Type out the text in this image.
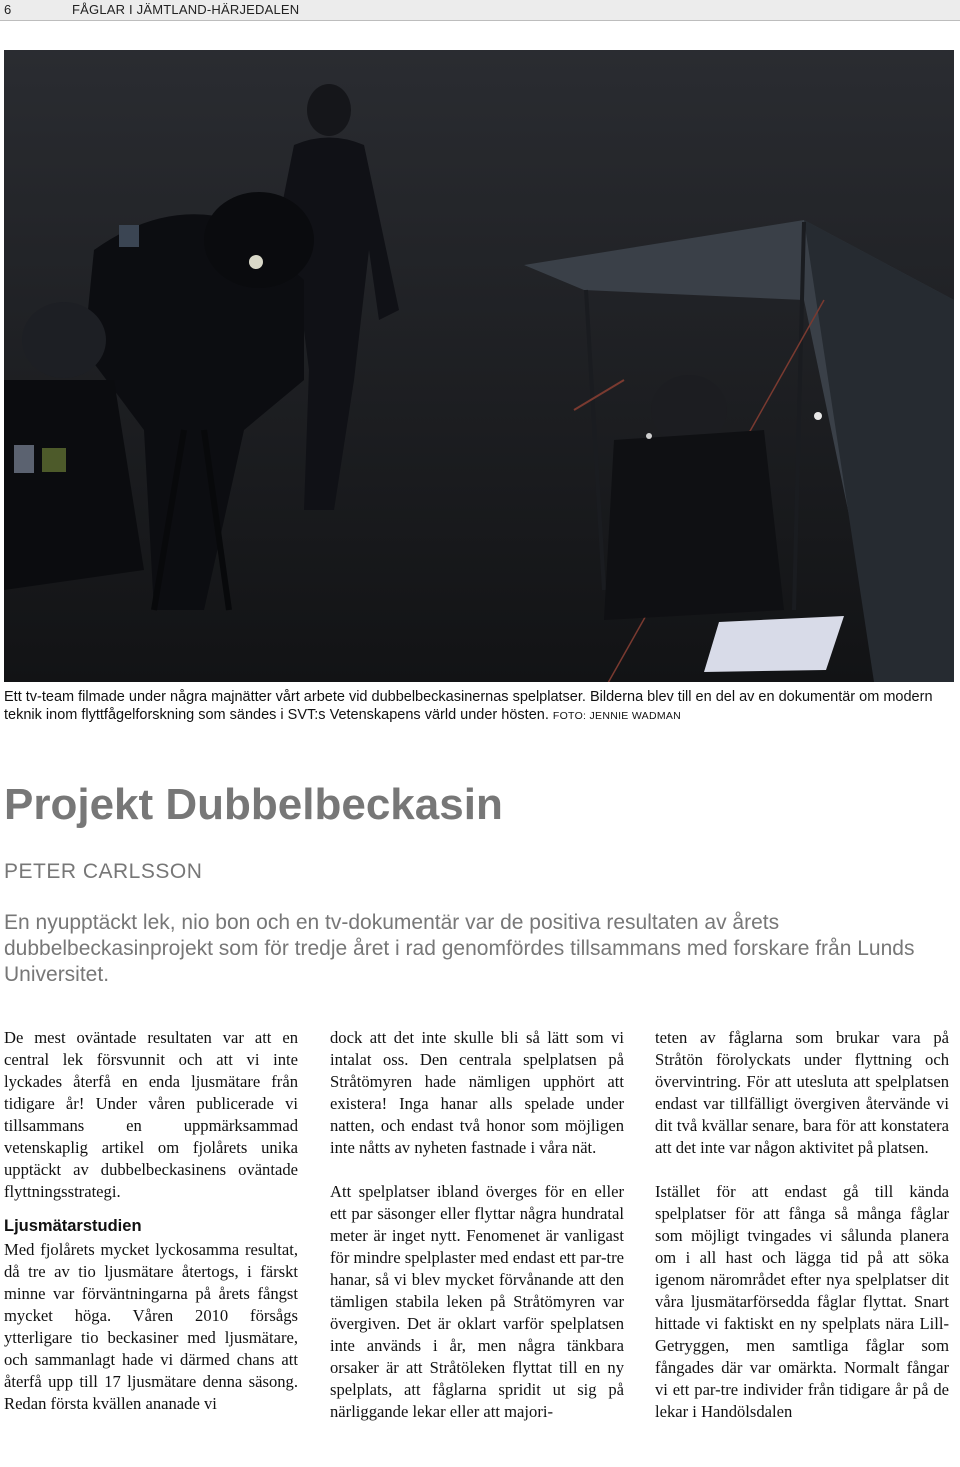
6	FÅGLAR I JÄMTLAND-HÄRJEDALEN
Ett tv-team filmade under några majnätter vårt arbete vid dubbelbeckasinernas spelplatser. Bilderna blev till en del av en dokumentär om modern teknik inom flyttfågelforskning som sändes i SVT:s Vetenskapens värld under hösten. FOTO: JENNIE WADMAN
Projekt Dubbelbeckasin
PETER CARLSSON

En nyupptäckt lek, nio bon och en tv-dokumentär var de positiva resultaten av årets dubbelbeckasinprojekt som för tredje året i rad genomfördes tillsammans med forskare från Lunds Universitet.

De mest oväntade resultaten var att en central lek försvunnit och att vi inte lyckades återfå en enda ljusmätare från tidigare år! Under våren publicerade vi tillsammans en uppmärksammad vetenskaplig artikel om fjolårets unika upptäckt av dubbelbeckasinens oväntade flyttningsstrategi.

Ljusmätarstudien

Med fjolårets mycket lyckosamma resultat, då tre av tio ljusmätare återtogs, i färskt minne var förväntningarna på årets fångst mycket höga. Våren 2010 försågs ytterligare tio beckasiner med ljusmätare, och sammanlagt hade vi därmed chans att återfå upp till 17 ljusmätare denna säsong. Redan första kvällen ananade vi

dock att det inte skulle bli så lätt som vi intalat oss. Den centrala spelplatsen på Stråtömyren hade nämligen upphört att existera! Inga hanar alls spelade under natten, och endast två honor som möjligen inte nåtts av nyheten fastnade i våra nät.

Att spelplatser ibland överges för en eller ett par säsonger eller flyttar några hundratal meter är inget nytt. Fenomenet är vanligast för mindre spelplaster med endast ett par-tre hanar, så vi blev mycket förvånande att den tämligen stabila leken på Stråtömyren var övergiven. Det är oklart varför spelplatsen inte används i år, men några tänkbara orsaker är att Stråtöleken flyttat till en ny spelplats, att fåglarna spridit ut sig på närliggande lekar eller att majori-

teten av fåglarna som brukar vara på Stråtön förolyckats under flyttning och övervintring. För att utesluta att spelplatsen endast var tillfälligt övergiven återvände vi dit två kvällar senare, bara för att konstatera att det inte var någon aktivitet på platsen.

Istället för att endast gå till kända spelplatser för att fånga så många fåglar som möjligt tvingades vi sålunda planera om i all hast och lägga tid på att söka igenom närområdet efter nya spelplatser dit våra ljusmätarförsedda fåglar flyttat. Snart hittade vi faktiskt en ny spelplats nära Lill-Getryggen, men samtliga fåglar som fångades där var omärkta. Normalt fångar vi ett par-tre individer från tidigare år på de lekar i Handölsdalen
